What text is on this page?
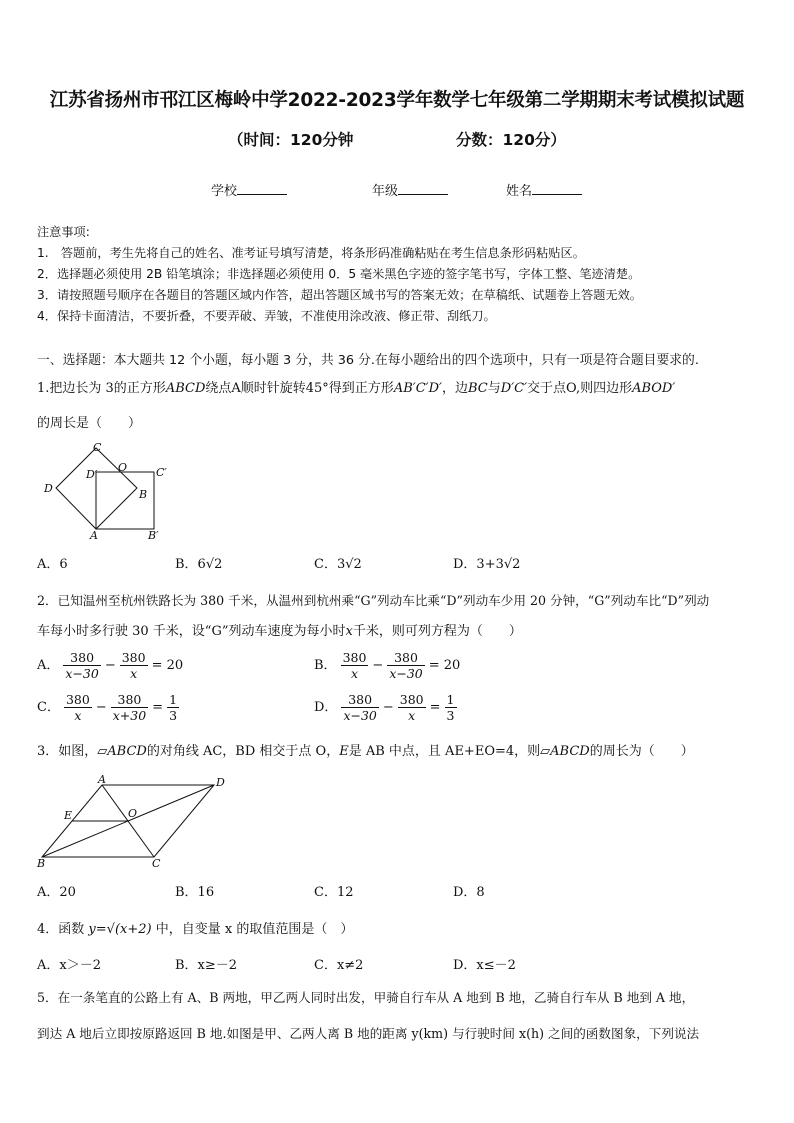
江苏省扬州市邗江区梅岭中学2022-2023学年数学七年级第二学期期末考试模拟试题
（时间：120分钟	分数：120分）
学校	年级	姓名
注意事项:
1.　答题前，考生先将自己的姓名、准考证号填写清楚，将条形码准确粘贴在考生信息条形码粘贴区。
2．选择题必须使用 2B 铅笔填涂；非选择题必须使用 0．5 毫米黑色字迹的签字笔书写，字体工整、笔迹清楚。
3．请按照题号顺序在各题目的答题区域内作答，超出答题区域书写的答案无效；在草稿纸、试题卷上答题无效。
4．保持卡面清洁，不要折叠，不要弄破、弄皱，不准使用涂改液、修正带、刮纸刀。
一、选择题：本大题共 12 个小题，每小题 3 分，共 36 分.在每小题给出的四个选项中，只有一项是符合题目要求的.
1.把边长为 3的正方形ABCD绕点A顺时针旋转45°得到正方形AB′C′D′，边BC与D′C′交于点O,则四边形ABOD′
的周长是（　　）
C
D′
O	C′
D	B
A	B′
A．6	B．6√2	C．3√2	D．3+3√2
2．已知温州至杭州铁路长为 380 千米，从温州到杭州乘“G”列动车比乘“D”列动车少用 20 分钟，“G”列动车比“D”列动
车每小时多行驶 30 千米，设“G”列动车速度为每小时x千米，则可列方程为（　　）
A． $\frac{380}{x-30} - \frac{380}{x} = 20$	B． $\frac{380}{x} - \frac{380}{x-30} = 20$
C． $\frac{380}{x} - \frac{380}{x+30} = \frac{1}{3}$	D． $\frac{380}{x-30} - \frac{380}{x} = \frac{1}{3}$
3．如图，▱ABCD的对角线 AC，BD 相交于点 O，E是 AB 中点，且 AE+EO=4，则▱ABCD的周长为（　　）
A	D
E	O
B	C
A．20	B．16	C．12	D．8
4．函数 y=√(x+2) 中，自变量 x 的取值范围是（　）
A．x＞－2	B．x≥－2	C．x≠2	D．x≤－2
5．在一条笔直的公路上有 A、B 两地，甲乙两人同时出发，甲骑自行车从 A 地到 B 地，乙骑自行车从 B 地到 A 地，
到达 A 地后立即按原路返回 B 地.如图是甲、乙两人离 B 地的距离 y(km) 与行驶时间 x(h) 之间的函数图象，下列说法
